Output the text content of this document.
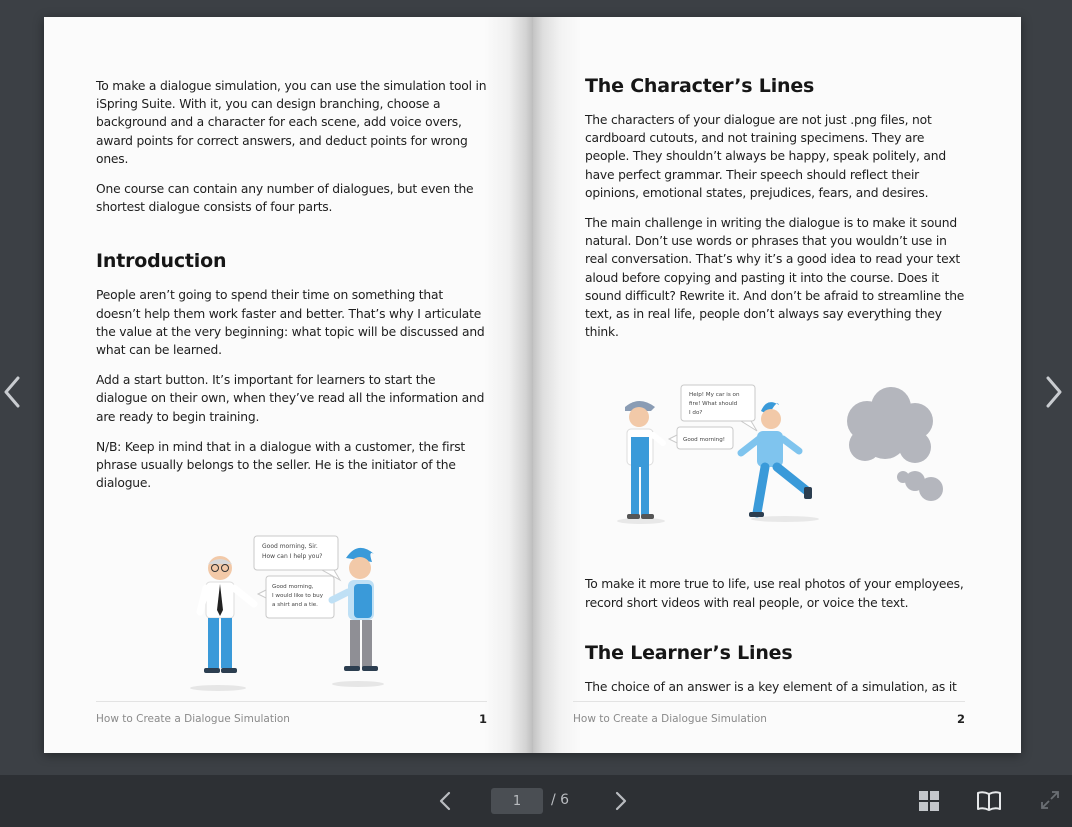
To make a dialogue simulation, you can use the simulation tool in iSpring Suite. With it, you can design branching, choose a background and a character for each scene, add voice overs, award points for correct answers, and deduct points for wrong ones.

One course can contain any number of dialogues, but even the shortest dialogue consists of four parts.

Introduction

People aren’t going to spend their time on something that doesn’t help them work faster and better. That’s why I articulate the value at the very beginning: what topic will be discussed and what can be learned.

Add a start button. It’s important for learners to start the dialogue on their own, when they’ve read all the information and are ready to begin training.

N/B: Keep in mind that in a dialogue with a customer, the first phrase usually belongs to the seller. He is the initiator of the dialogue.

Good morning, Sir.
How can I help you?
Good morning,
I would like to buy
a shirt and a tie.
How to Create a Dialogue Simulation	1
The Character’s Lines

The characters of your dialogue are not just .png files, not cardboard cutouts, and not training specimens. They are people. They shouldn’t always be happy, speak politely, and have perfect grammar. Their speech should reflect their opinions, emotional states, prejudices, fears, and desires.

The main challenge in writing the dialogue is to make it sound natural. Don’t use words or phrases that you wouldn’t use in real conversation. That’s why it’s a good idea to read your text aloud before copying and pasting it into the course. Does it sound difficult? Rewrite it. And don’t be afraid to streamline the text, as in real life, people don’t always say everything they think.

Help! My car is on
fire! What should
I do?
Good morning!

To make it more true to life, use real photos of your employees, record short videos with real people, or voice the text.

The Learner’s Lines

The choice of an answer is a key element of a simulation, as it

How to Create a Dialogue Simulation	2
1
/ 6
